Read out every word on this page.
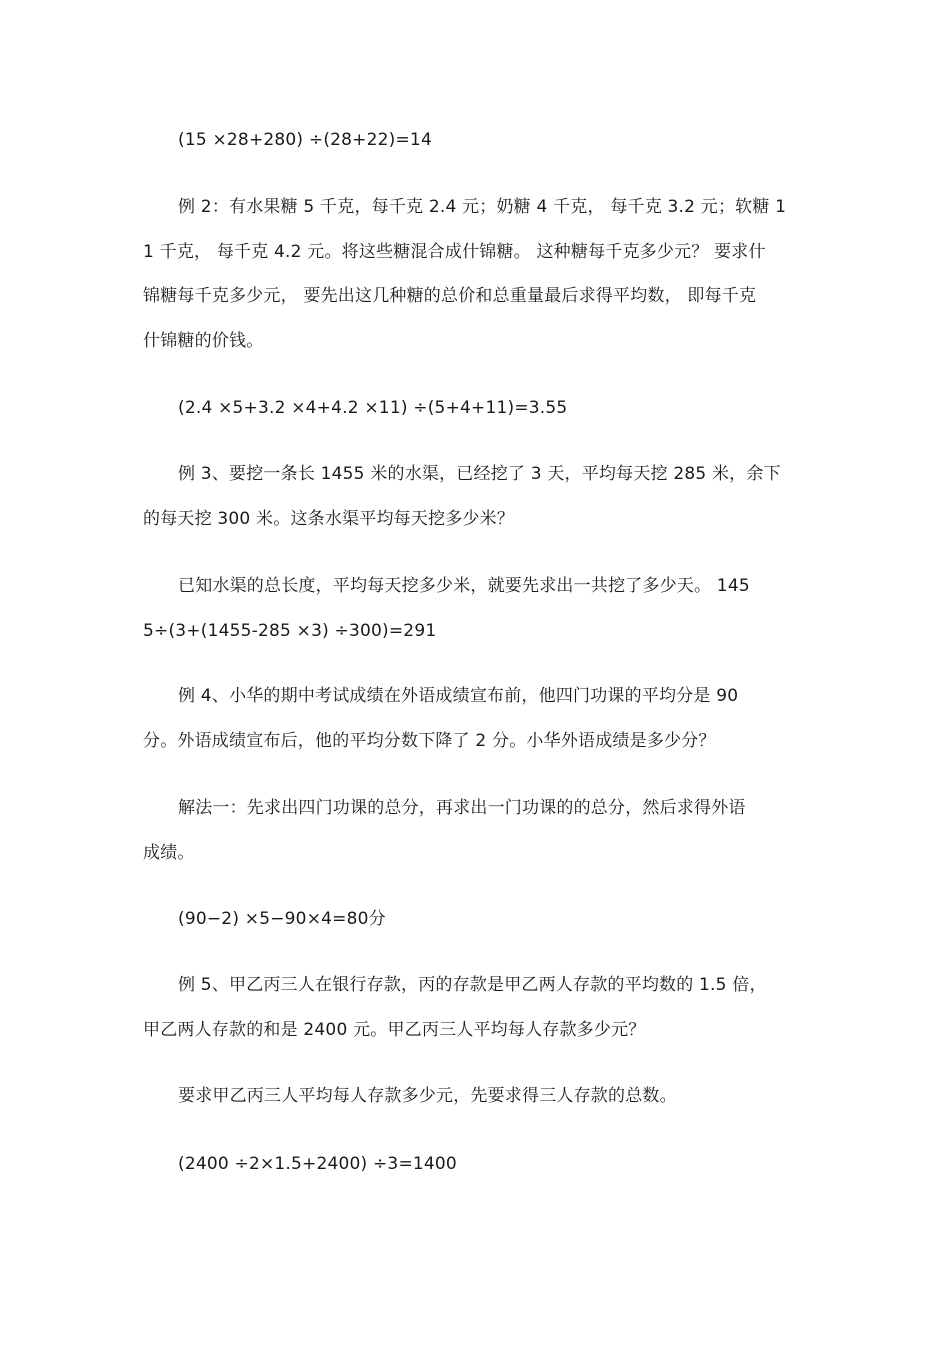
(15 ×28+280) ÷(28+22)=14
例 2：有水果糖 5 千克，每千克 2.4 元；奶糖 4 千克， 每千克 3.2 元；软糖 1
1 千克， 每千克 4.2 元。将这些糖混合成什锦糖。 这种糖每千克多少元？ 要求什
锦糖每千克多少元， 要先出这几种糖的总价和总重量最后求得平均数， 即每千克
什锦糖的价钱。
(2.4 ×5+3.2 ×4+4.2 ×11) ÷(5+4+11)=3.55
例 3、要挖一条长 1455 米的水渠，已经挖了 3 天，平均每天挖 285 米，余下
的每天挖 300 米。这条水渠平均每天挖多少米？
已知水渠的总长度，平均每天挖多少米，就要先求出一共挖了多少天。 145
5÷(3+(1455-285 ×3) ÷300)=291
例 4、小华的期中考试成绩在外语成绩宣布前，他四门功课的平均分是 90
分。外语成绩宣布后，他的平均分数下降了 2 分。小华外语成绩是多少分？
解法一：先求出四门功课的总分，再求出一门功课的的总分，然后求得外语
成绩。
(90−2) ×5−90×4=80分
例 5、甲乙丙三人在银行存款，丙的存款是甲乙两人存款的平均数的 1.5 倍，
甲乙两人存款的和是 2400 元。甲乙丙三人平均每人存款多少元？
要求甲乙丙三人平均每人存款多少元，先要求得三人存款的总数。
(2400 ÷2×1.5+2400) ÷3=1400
